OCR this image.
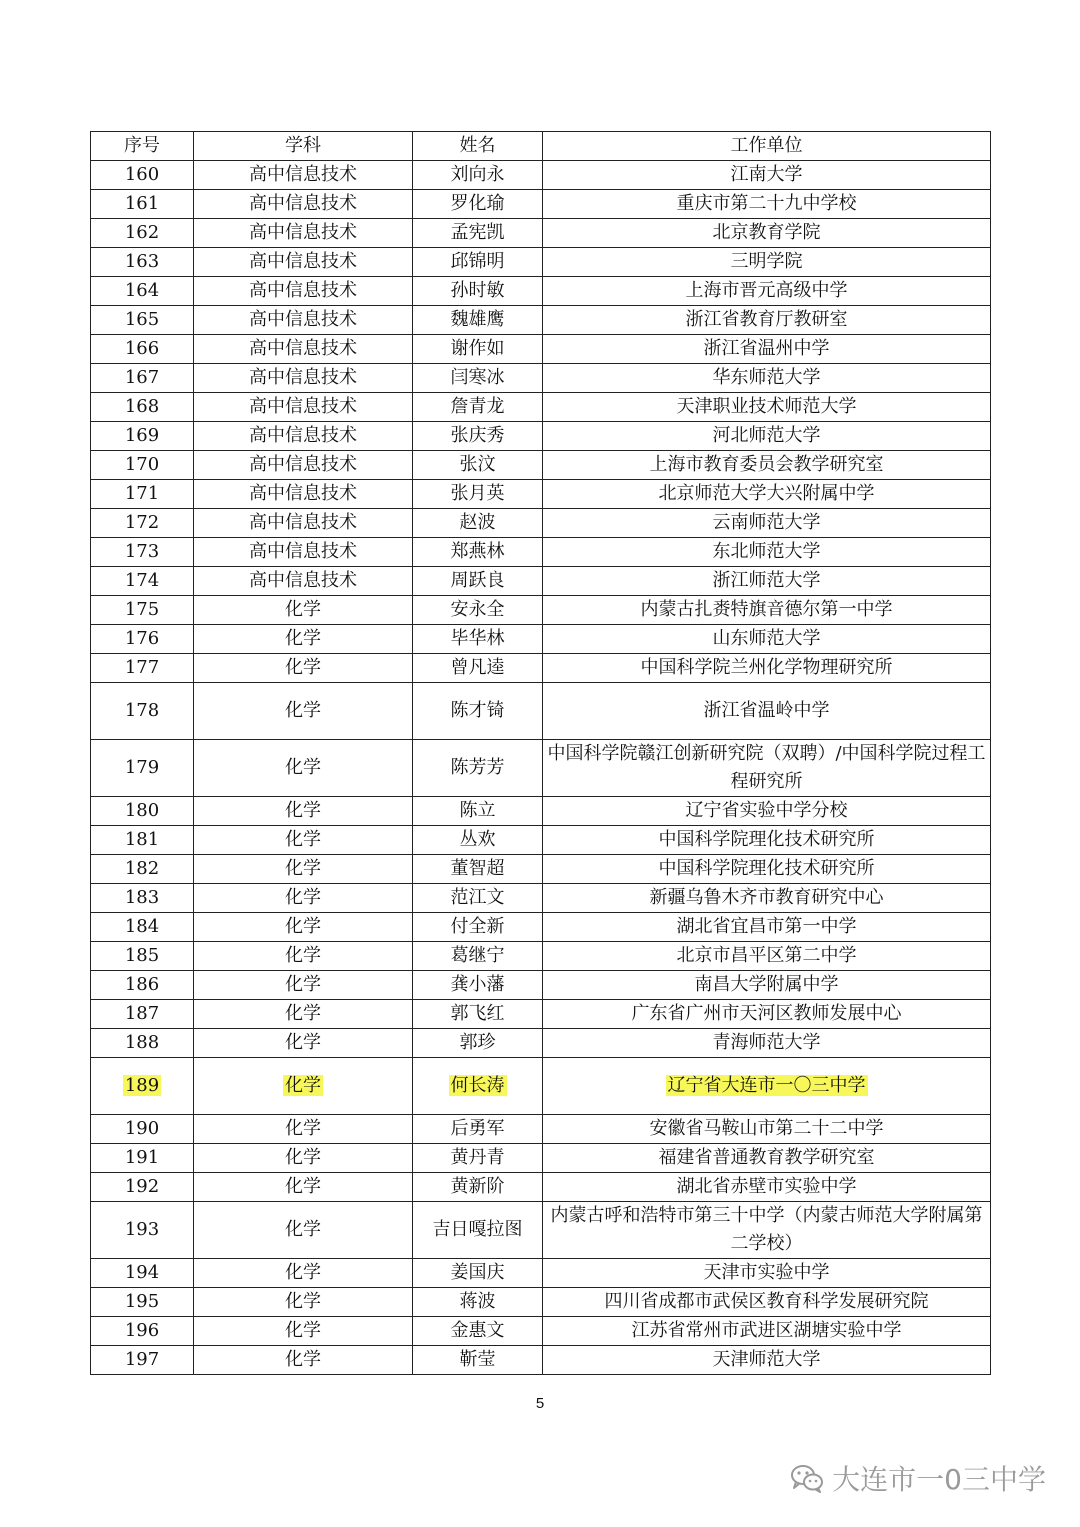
序号	学科	姓名	工作单位
160	高中信息技术	刘向永	江南大学
161	高中信息技术	罗化瑜	重庆市第二十九中学校
162	高中信息技术	孟宪凯	北京教育学院
163	高中信息技术	邱锦明	三明学院
164	高中信息技术	孙时敏	上海市晋元高级中学
165	高中信息技术	魏雄鹰	浙江省教育厅教研室
166	高中信息技术	谢作如	浙江省温州中学
167	高中信息技术	闫寒冰	华东师范大学
168	高中信息技术	詹青龙	天津职业技术师范大学
169	高中信息技术	张庆秀	河北师范大学
170	高中信息技术	张汶	上海市教育委员会教学研究室
171	高中信息技术	张月英	北京师范大学大兴附属中学
172	高中信息技术	赵波	云南师范大学
173	高中信息技术	郑燕林	东北师范大学
174	高中信息技术	周跃良	浙江师范大学
175	化学	安永全	内蒙古扎赉特旗音德尔第一中学
176	化学	毕华林	山东师范大学
177	化学	曾凡逵	中国科学院兰州化学物理研究所
178	化学	陈才锜	浙江省温岭中学
179	化学	陈芳芳	中国科学院赣江创新研究院（双聘）/中国科学院过程工程研究所
180	化学	陈立	辽宁省实验中学分校
181	化学	丛欢	中国科学院理化技术研究所
182	化学	董智超	中国科学院理化技术研究所
183	化学	范江文	新疆乌鲁木齐市教育研究中心
184	化学	付全新	湖北省宜昌市第一中学
185	化学	葛继宁	北京市昌平区第二中学
186	化学	龚小藩	南昌大学附属中学
187	化学	郭飞红	广东省广州市天河区教师发展中心
188	化学	郭珍	青海师范大学
189	化学	何长涛	辽宁省大连市一〇三中学
190	化学	后勇军	安徽省马鞍山市第二十二中学
191	化学	黄丹青	福建省普通教育教学研究室
192	化学	黄新阶	湖北省赤壁市实验中学
193	化学	吉日嘎拉图	内蒙古呼和浩特市第三十中学（内蒙古师范大学附属第二学校）
194	化学	姜国庆	天津市实验中学
195	化学	蒋波	四川省成都市武侯区教育科学发展研究院
196	化学	金惠文	江苏省常州市武进区湖塘实验中学
197	化学	靳莹	天津师范大学
5
大连市一0三中学
